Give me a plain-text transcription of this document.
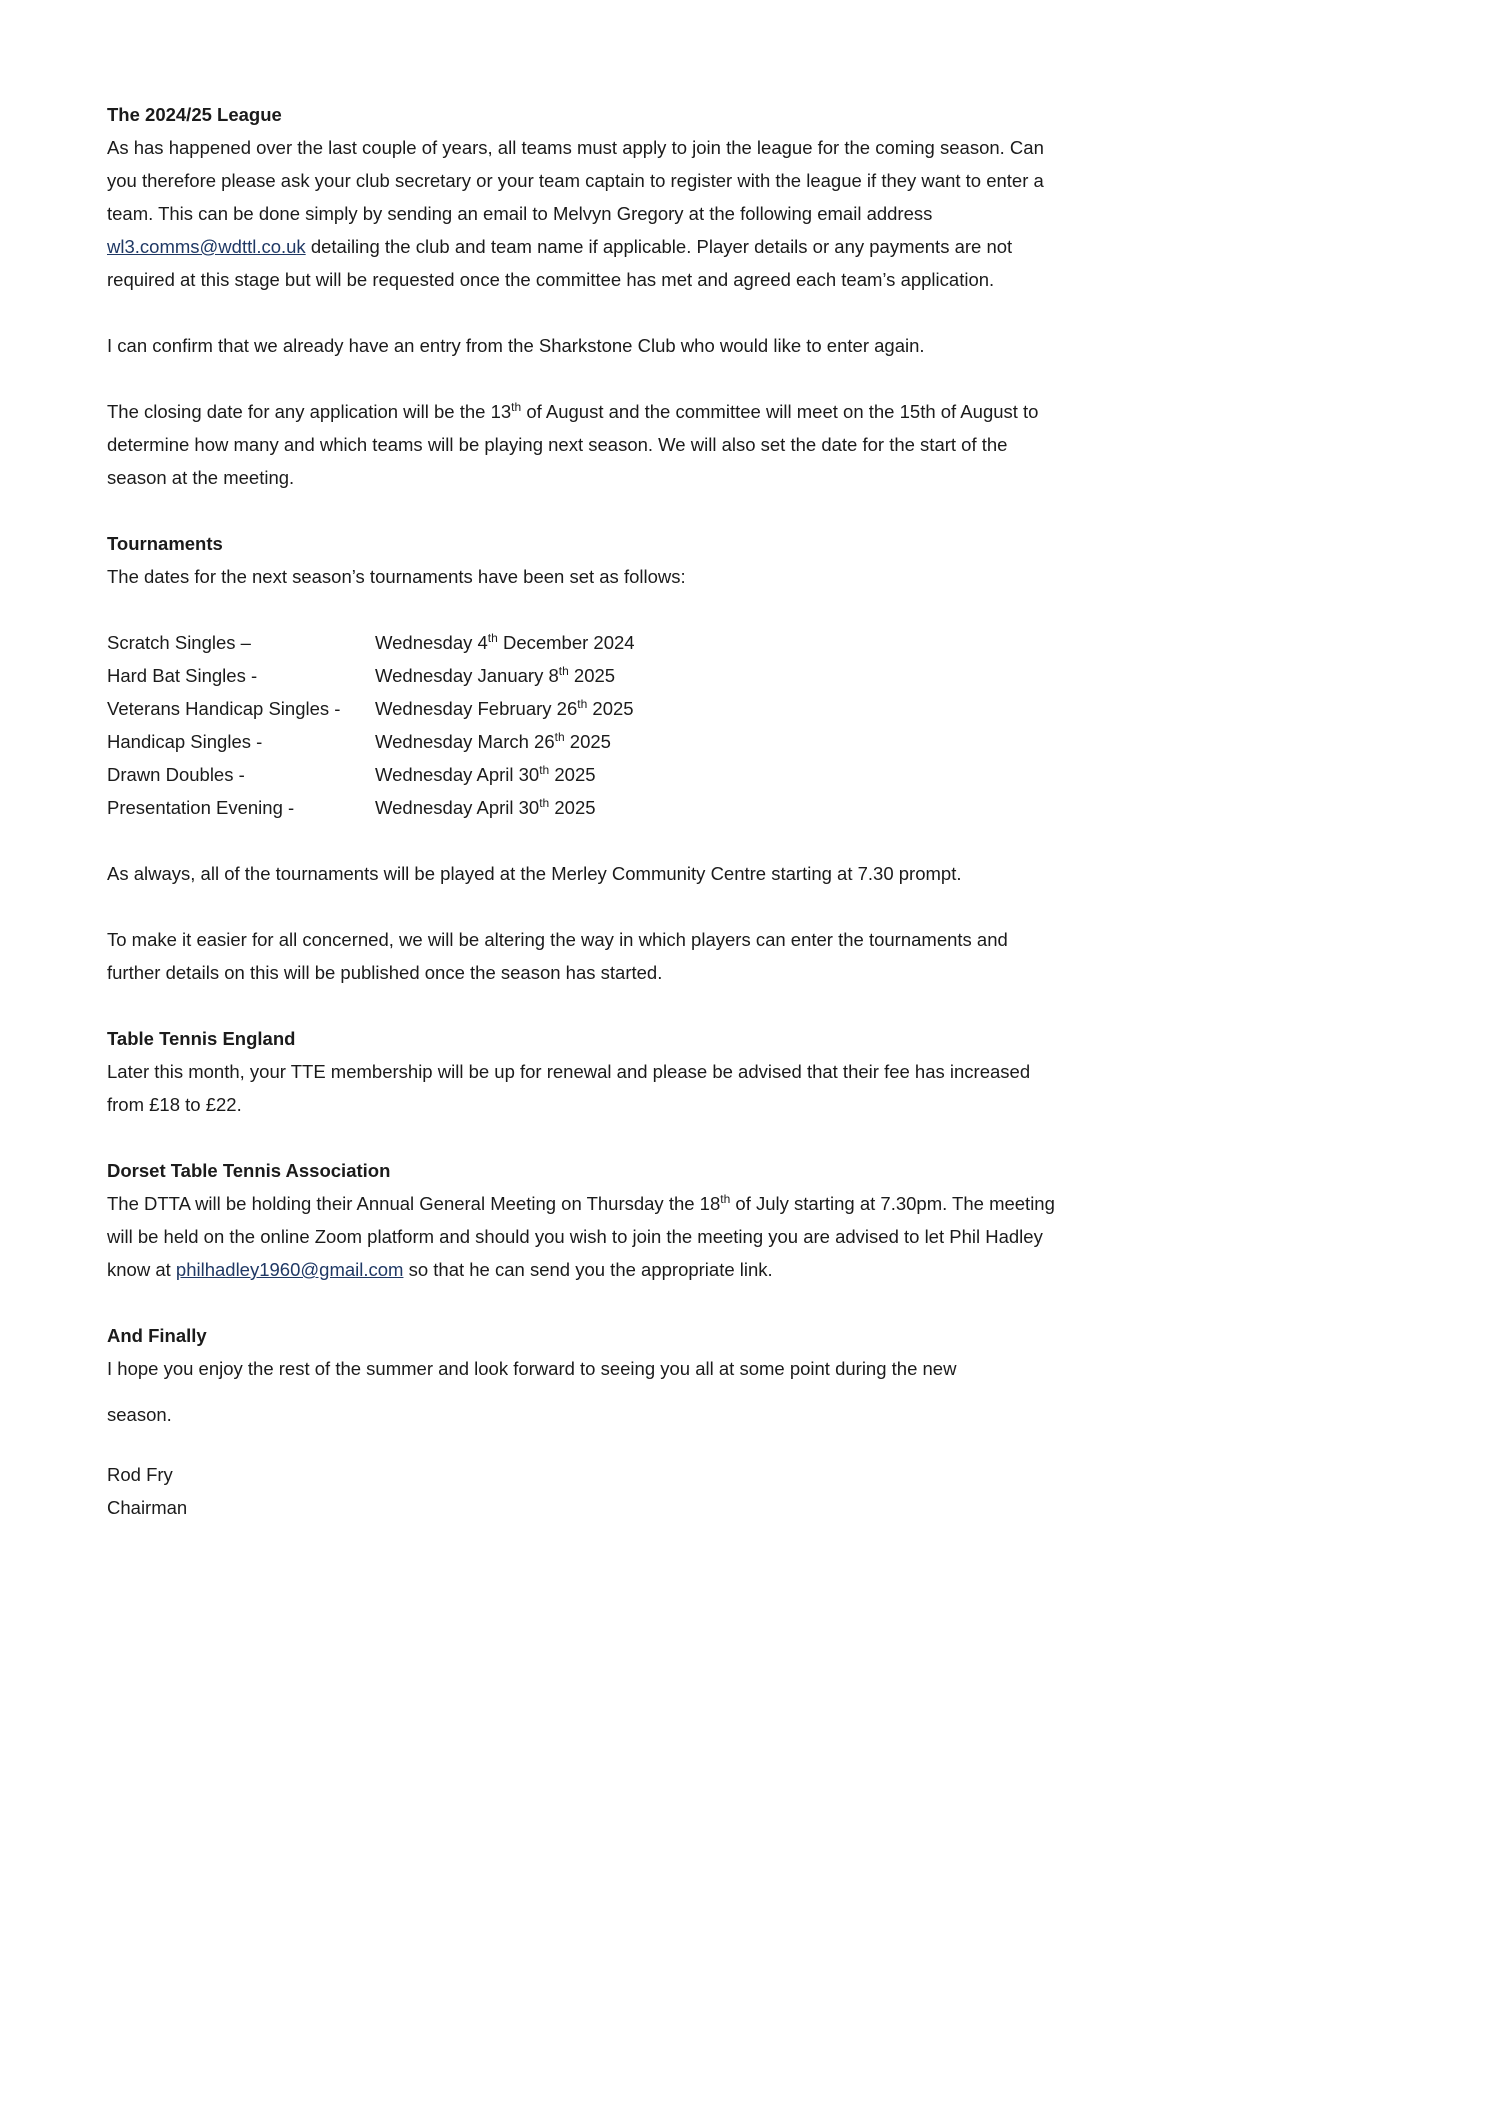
The 2024/25 League

As has happened over the last couple of years, all teams must apply to join the league for the coming season. Can you therefore please ask your club secretary or your team captain to register with the league if they want to enter a team. This can be done simply by sending an email to Melvyn Gregory at the following email address wl3.comms@wdttl.co.uk detailing the club and team name if applicable. Player details or any payments are not required at this stage but will be requested once the committee has met and agreed each team’s application.

I can confirm that we already have an entry from the Sharkstone Club who would like to enter again.

The closing date for any application will be the 13th of August and the committee will meet on the 15th of August to determine how many and which teams will be playing next season. We will also set the date for the start of the season at the meeting.

Tournaments

The dates for the next season’s tournaments have been set as follows:

Scratch Singles –	Wednesday 4th December 2024
Hard Bat Singles -	Wednesday January 8th 2025
Veterans Handicap Singles -	Wednesday February 26th 2025
Handicap Singles -	Wednesday March 26th 2025
Drawn Doubles -	Wednesday April 30th 2025
Presentation Evening -	Wednesday April 30th 2025

As always, all of the tournaments will be played at the Merley Community Centre starting at 7.30 prompt.

To make it easier for all concerned, we will be altering the way in which players can enter the tournaments and further details on this will be published once the season has started.

Table Tennis England

Later this month, your TTE membership will be up for renewal and please be advised that their fee has increased from £18 to £22.

Dorset Table Tennis Association

The DTTA will be holding their Annual General Meeting on Thursday the 18th of July starting at 7.30pm. The meeting will be held on the online Zoom platform and should you wish to join the meeting you are advised to let Phil Hadley know at philhadley1960@gmail.com so that he can send you the appropriate link.

And Finally

I hope you enjoy the rest of the summer and look forward to seeing you all at some point during the new

season.

Rod Fry

Chairman
